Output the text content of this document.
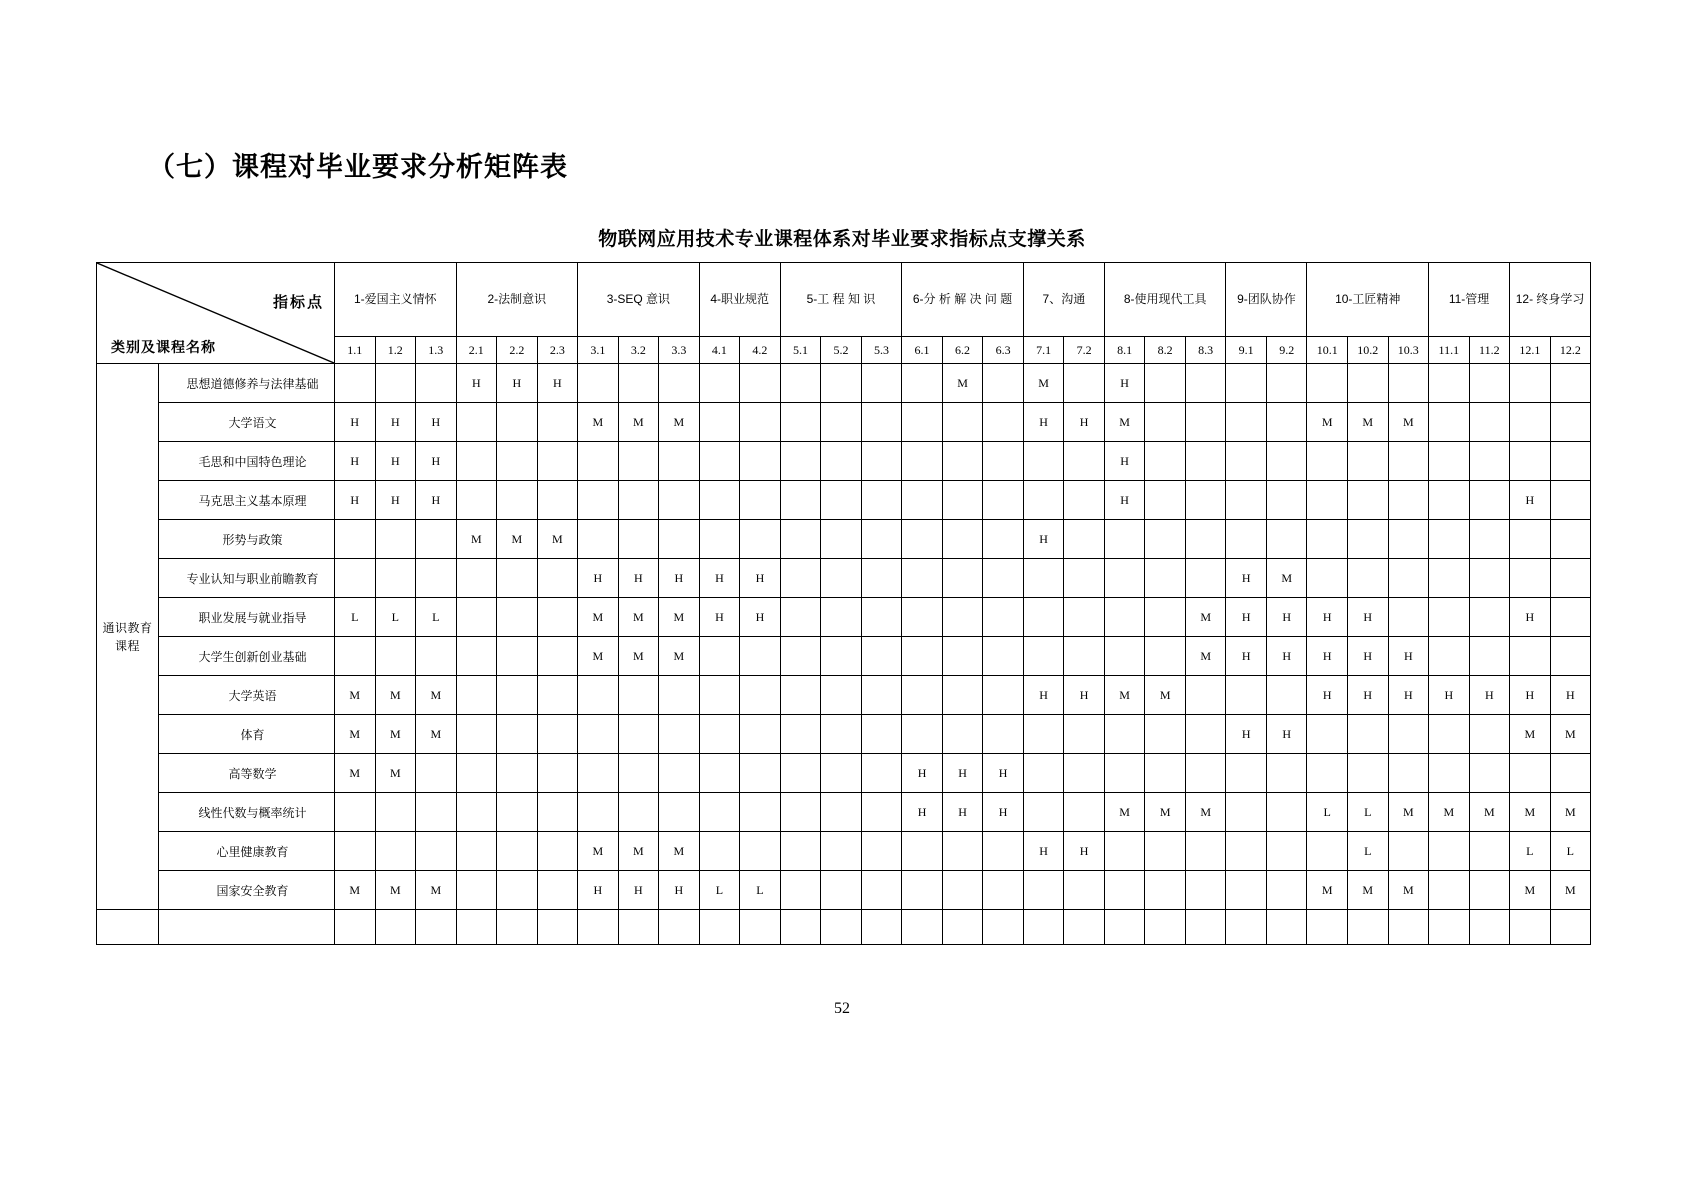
（七）课程对毕业要求分析矩阵表
物联网应用技术专业课程体系对毕业要求指标点支撑关系
指标点
类别及课程名称		1-爱国主义情怀			2-法制意识			3-SEQ 意识			4-职业规范		5-工 程 知 识			6-分 析 解 决 问 题			7、沟通		8-使用现代工具			9-团队协作		10-工匠精神			11-管理		12- 终身学习	
		1.1	1.2	1.3	2.1	2.2	2.3	3.1	3.2	3.3	4.1	4.2	5.1	5.2	5.3	6.1	6.2	6.3	7.1	7.2	8.1	8.2	8.3	9.1	9.2	10.1	10.2	10.3	11.1	11.2	12.1	12.2
通识教育课程	思想道德修养与法律基础				H	H	H										M		M		H											
	大学语文	H	H	H				M	M	M									H	H	M					M	M	M				
	毛思和中国特色理论	H	H	H																	H											
	马克思主义基本原理	H	H	H																	H										H	
	形势与政策				M	M	M												H													
	专业认知与职业前瞻教育							H	H	H	H	H												H	M							
	职业发展与就业指导	L	L	L				M	M	M	H	H											M	H	H	H	H				H	
	大学生创新创业基础							M	M	M													M	H	H	H	H	H				
	大学英语	M	M	M															H	H	M	M				H	H	H	H	H	H	H
	体育	M	M	M																				H	H						M	M
	高等数学	M	M													H	H	H														
	线性代数与概率统计															H	H	H			M	M	M			L	L	M	M	M	M	M
	心里健康教育							M	M	M									H	H							L				L	L
	国家安全教育	M	M	M				H	H	H	L	L														M	M	M			M	M

52
